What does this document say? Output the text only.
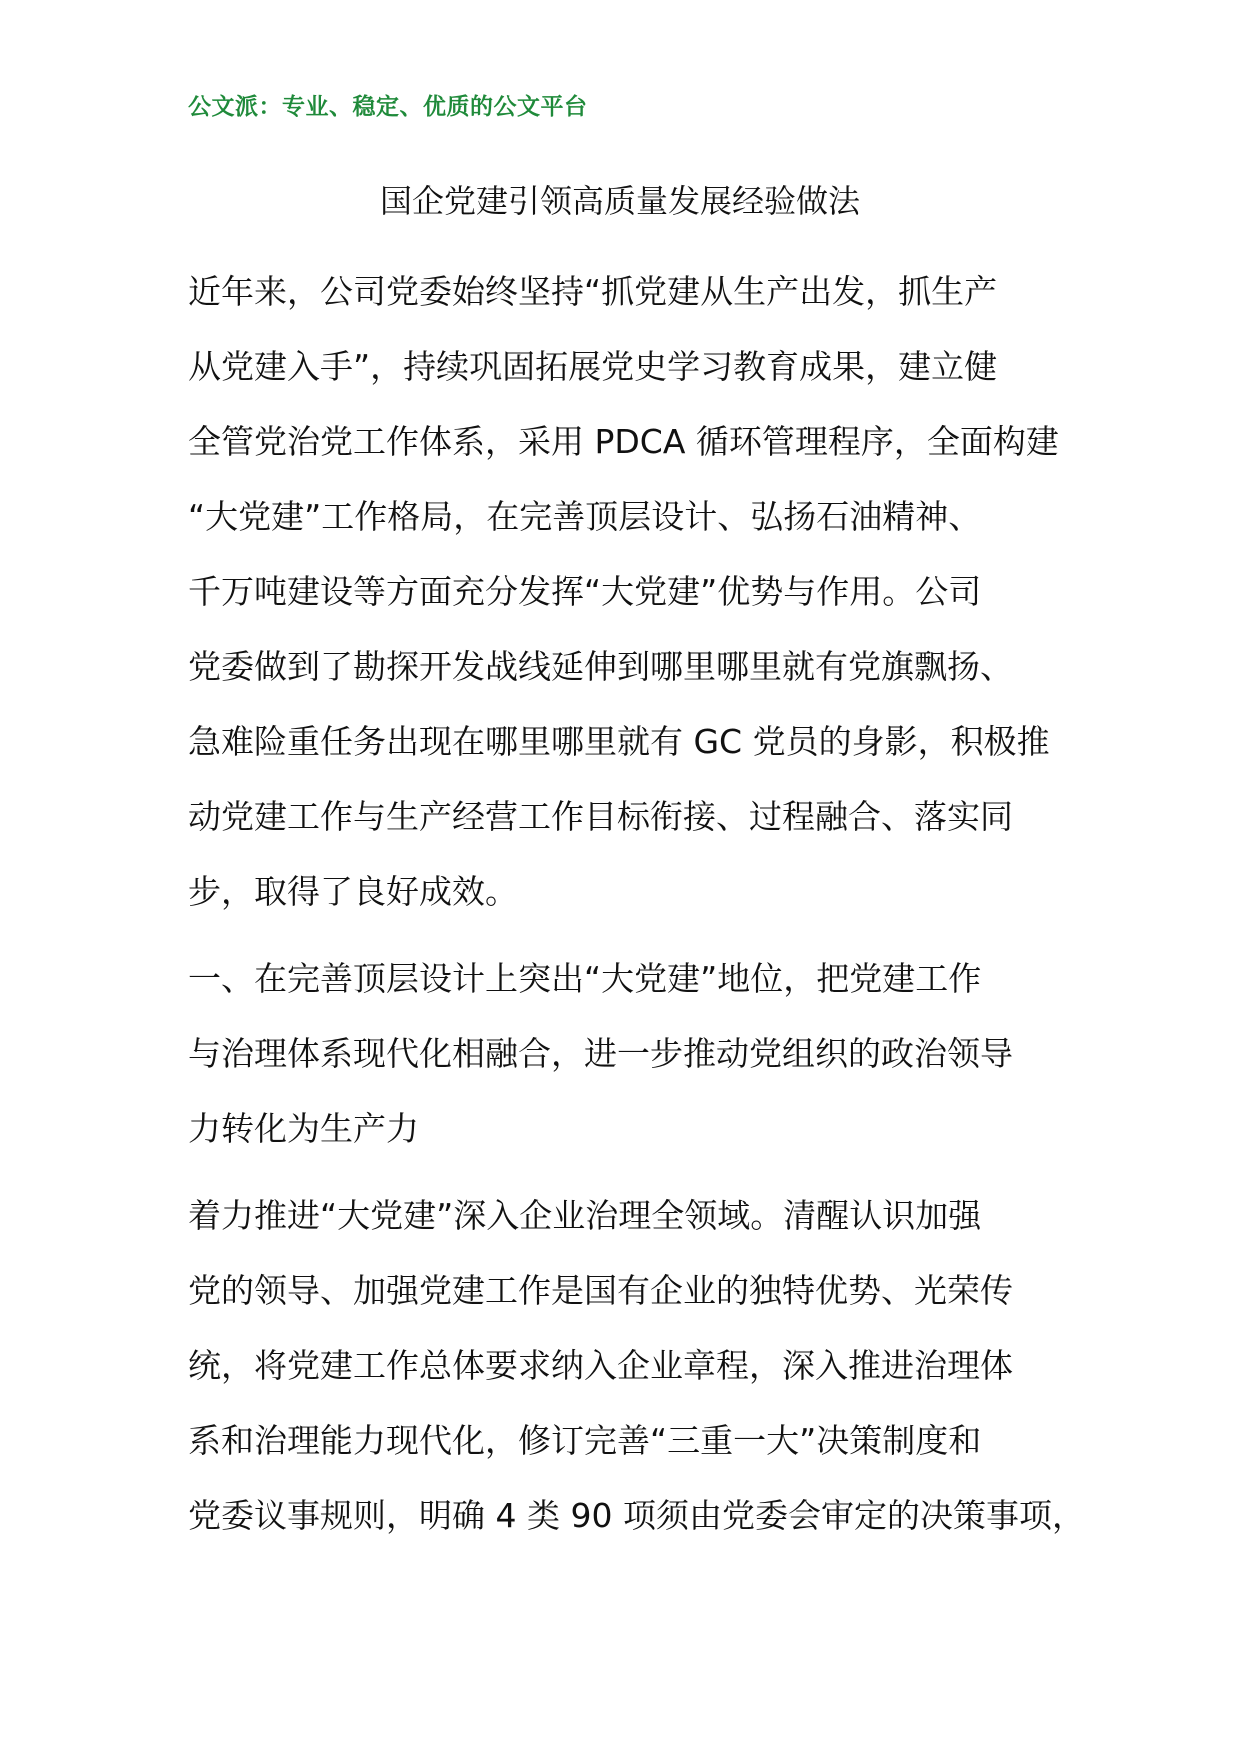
公文派：专业、稳定、优质的公文平台
国企党建引领高质量发展经验做法
近年来，公司党委始终坚持“抓党建从生产出发，抓生产
从党建入手”，持续巩固拓展党史学习教育成果，建立健
全管党治党工作体系，采用 PDCA 循环管理程序，全面构建
“大党建”工作格局，在完善顶层设计、弘扬石油精神、
千万吨建设等方面充分发挥“大党建”优势与作用。公司
党委做到了勘探开发战线延伸到哪里哪里就有党旗飘扬、
急难险重任务出现在哪里哪里就有 GC 党员的身影，积极推
动党建工作与生产经营工作目标衔接、过程融合、落实同
步，取得了良好成效。
一、在完善顶层设计上突出“大党建”地位，把党建工作
与治理体系现代化相融合，进一步推动党组织的政治领导
力转化为生产力
着力推进“大党建”深入企业治理全领域。清醒认识加强
党的领导、加强党建工作是国有企业的独特优势、光荣传
统，将党建工作总体要求纳入企业章程，深入推进治理体
系和治理能力现代化，修订完善“三重一大”决策制度和
党委议事规则，明确 4 类 90 项须由党委会审定的决策事项，
